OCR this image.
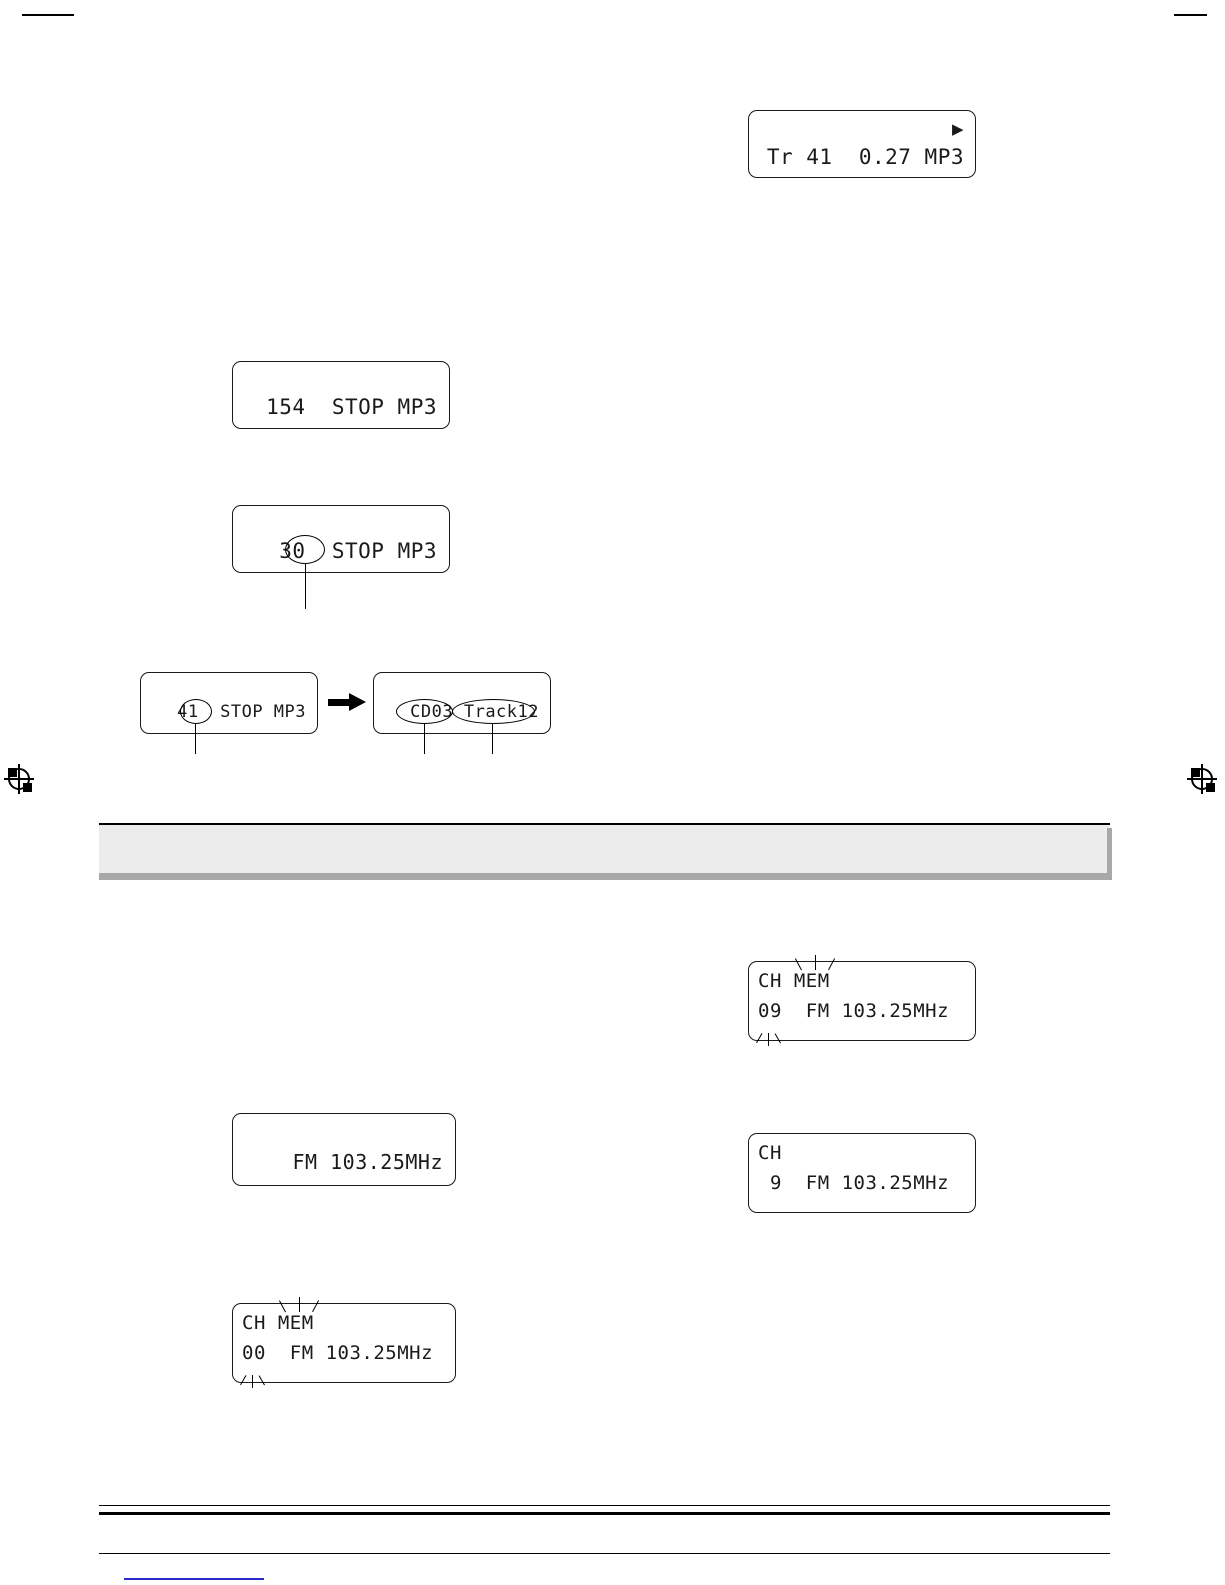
▶
Tr 41  0.27 MP3
154  STOP MP3
30  STOP MP3
41  STOP MP3	CD03 Track12
CH MEM
09  FM 103.25MHz
FM 103.25MHz	CH
9  FM 103.25MHz
CH MEM
00  FM 103.25MHz
